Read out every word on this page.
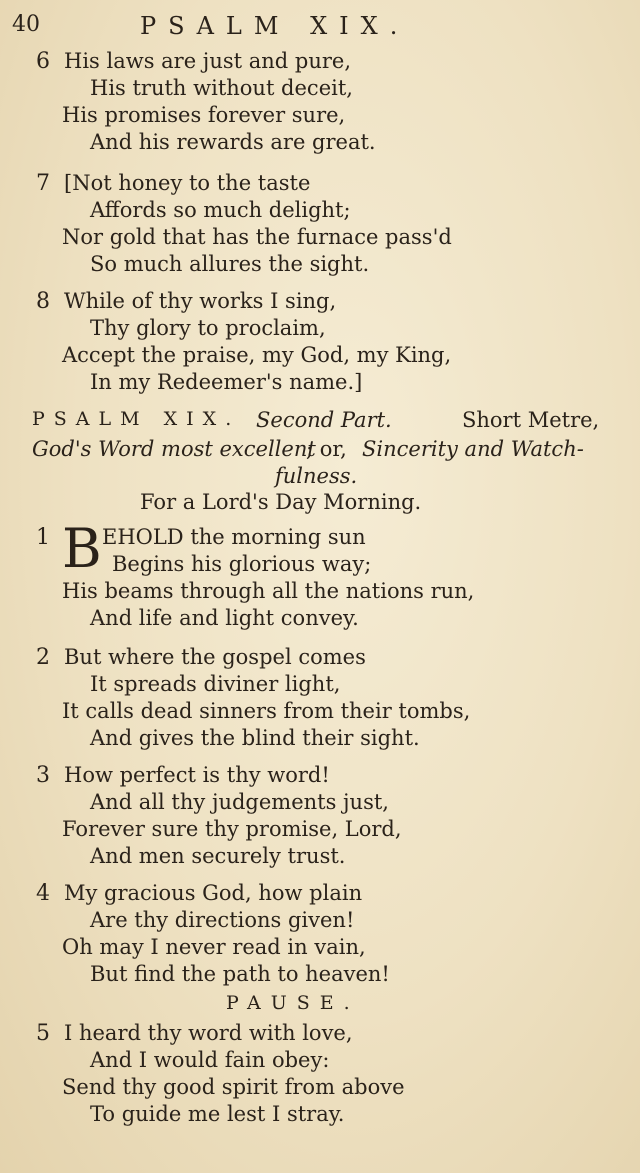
40	PSALM XIX.
6 His laws are just and pure,
His truth without deceit,
His promises forever sure,
And his rewards are great.
7 [Not honey to the taste
Affords so much delight;
Nor gold that has the furnace pass'd
So much allures the sight.
8 While of thy works I sing,
Thy glory to proclaim,
Accept the praise, my God, my King,
In my Redeemer's name.]
PSALM XIX. Second Part.	Short Metre,
God's Word most excellent
; or, Sincerity and Watch-
fulness.
For a Lord's Day Morning.
1 B EHOLD the morning sun
Begins his glorious way;
His beams through all the nations run,
And life and light convey.
2 But where the gospel comes
It spreads diviner light,
It calls dead sinners from their tombs,
And gives the blind their sight.
3 How perfect is thy word!
And all thy judgements just,
Forever sure thy promise, Lord,
And men securely trust.
4 My gracious God, how plain
Are thy directions given!
Oh may I never read in vain,
But find the path to heaven!
PAUSE.
5 I heard thy word with love,
And I would fain obey:
Send thy good spirit from above
To guide me lest I stray.
